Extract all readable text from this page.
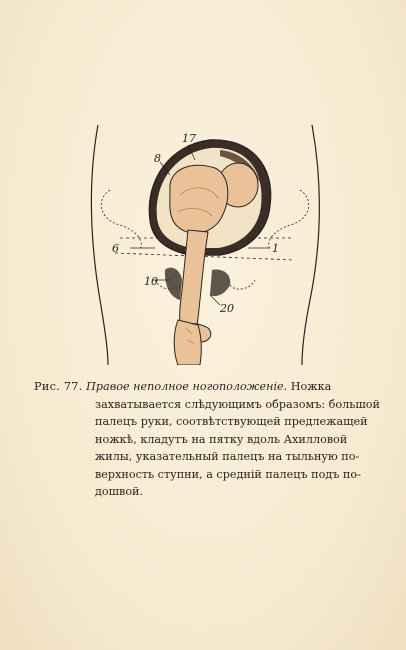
17
8
6	1
10
20
Рис. 77. Правое неполное ногоположеніе. Ножка
захватывается слѣдующимъ образомъ: большой
палецъ руки, соотвѣтствующей предлежащей
ножкѣ, кладутъ на пятку вдоль Ахилловой
жилы, указательный палецъ на тыльную по-
верхность ступни, а средній палецъ подъ по-
дошвой.
